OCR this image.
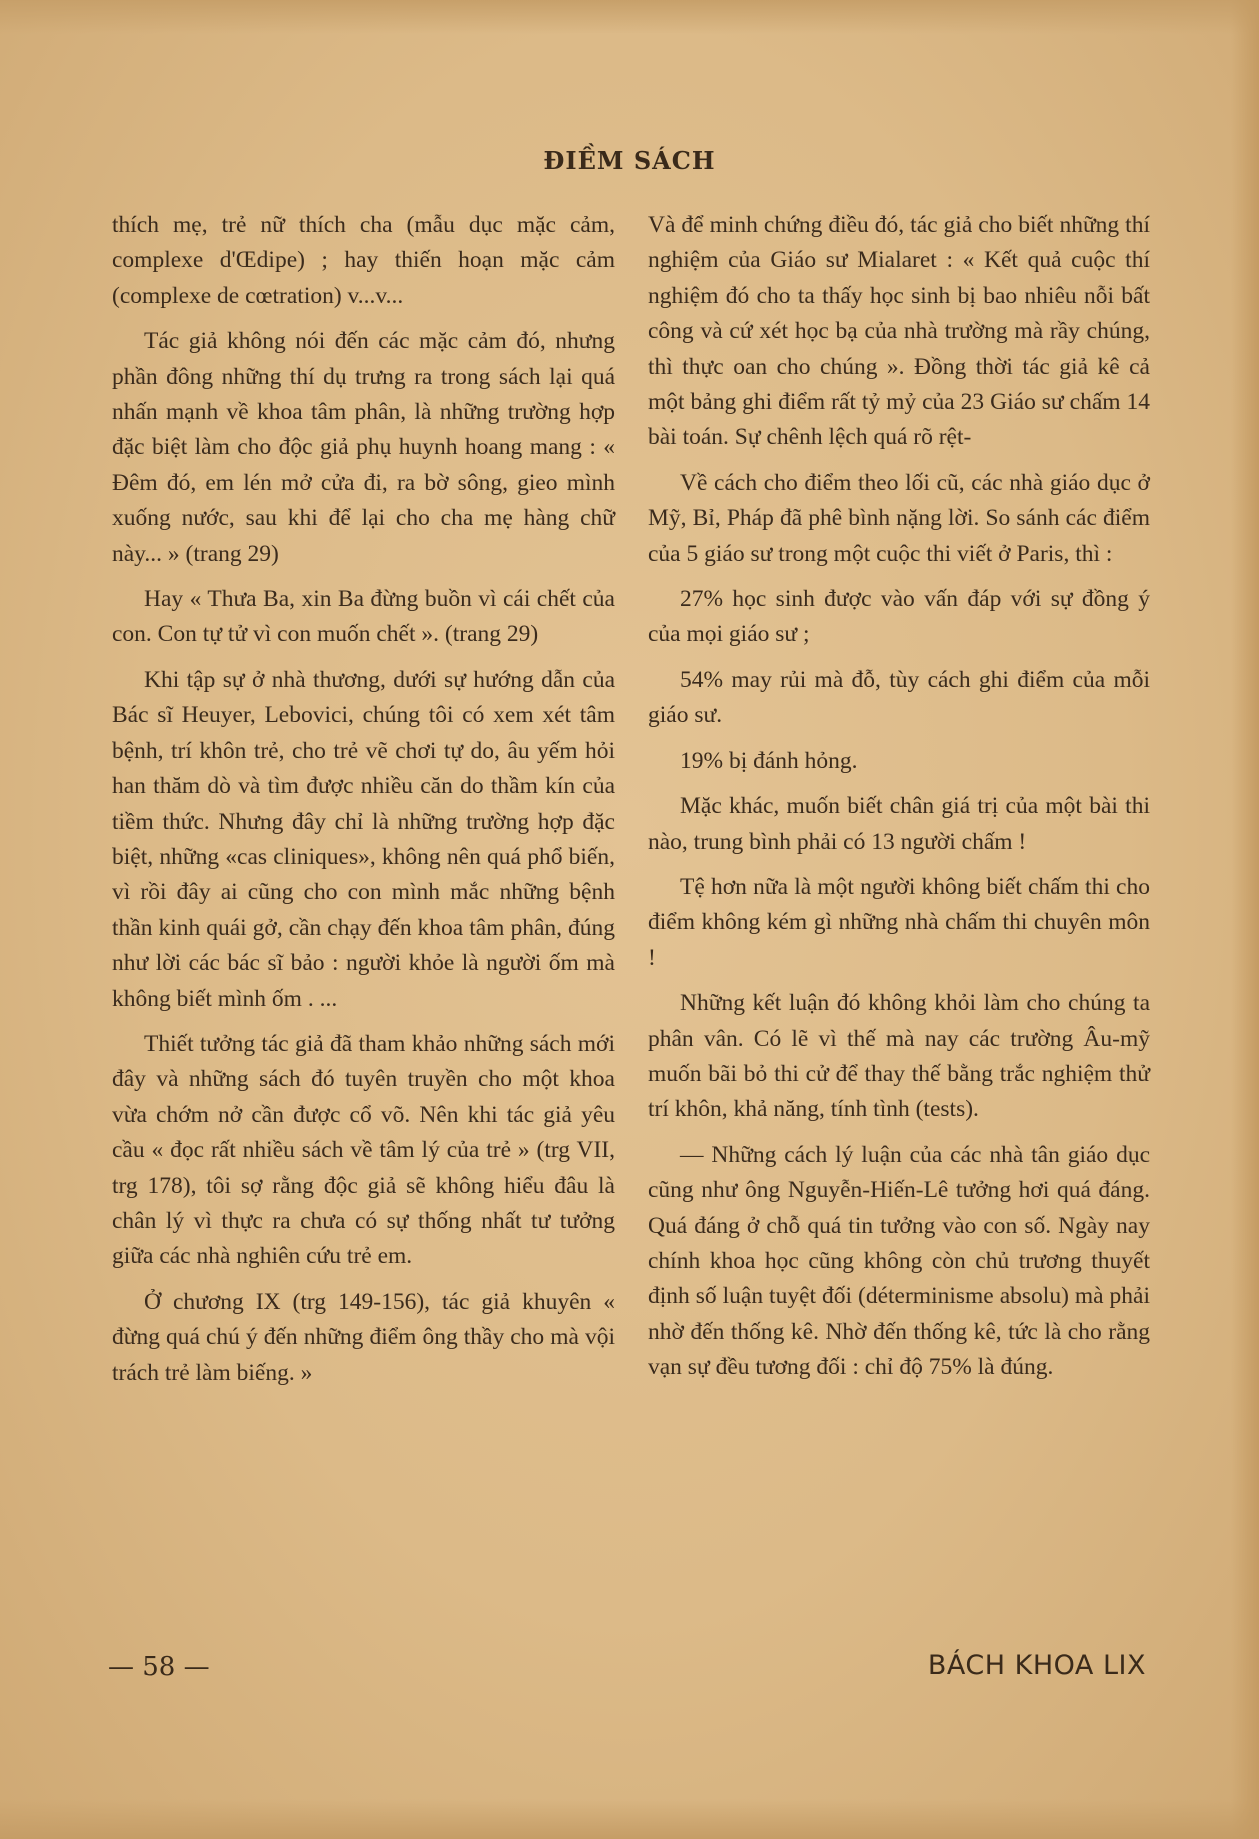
ĐIỀM SÁCH

thích mẹ, trẻ nữ thích cha (mẫu dục mặc cảm, complexe d'Œdipe) ; hay thiến hoạn mặc cảm (complexe de cœtration) v...v...

Tác giả không nói đến các mặc cảm đó, nhưng phần đông những thí dụ trưng ra trong sách lại quá nhấn mạnh về khoa tâm phân, là những trường hợp đặc biệt làm cho độc giả phụ huynh hoang mang : « Đêm đó, em lén mở cửa đi, ra bờ sông, gieo mình xuống nước, sau khi để lại cho cha mẹ hàng chữ này... » (trang 29)

Hay « Thưa Ba, xin Ba đừng buồn vì cái chết của con. Con tự tử vì con muốn chết ». (trang 29)

Khi tập sự ở nhà thương, dưới sự hướng dẫn của Bác sĩ Heuyer, Lebovici, chúng tôi có xem xét tâm bệnh, trí khôn trẻ, cho trẻ vẽ chơi tự do, âu yếm hỏi han thăm dò và tìm được nhiều căn do thầm kín của tiềm thức. Nhưng đây chỉ là những trường hợp đặc biệt, những «cas cliniques», không nên quá phổ biến, vì rồi đây ai cũng cho con mình mắc những bệnh thần kinh quái gở, cần chạy đến khoa tâm phân, đúng như lời các bác sĩ bảo : người khỏe là người ốm mà không biết mình ốm . ...

Thiết tưởng tác giả đã tham khảo những sách mới đây và những sách đó tuyên truyền cho một khoa vừa chớm nở cần được cổ võ. Nên khi tác giả yêu cầu « đọc rất nhiều sách về tâm lý của trẻ » (trg VII, trg 178), tôi sợ rằng độc giả sẽ không hiểu đâu là chân lý vì thực ra chưa có sự thống nhất tư tưởng giữa các nhà nghiên cứu trẻ em.

Ở chương IX (trg 149-156), tác giả khuyên « đừng quá chú ý đến những điểm ông thầy cho mà vội trách trẻ làm biếng. »

Và để minh chứng điều đó, tác giả cho biết những thí nghiệm của Giáo sư Mialaret : « Kết quả cuộc thí nghiệm đó cho ta thấy học sinh bị bao nhiêu nỗi bất công và cứ xét học bạ của nhà trường mà rầy chúng, thì thực oan cho chúng ». Đồng thời tác giả kê cả một bảng ghi điểm rất tỷ mỷ của 23 Giáo sư chấm 14 bài toán. Sự chênh lệch quá rõ rệt-

Về cách cho điểm theo lối cũ, các nhà giáo dục ở Mỹ, Bỉ, Pháp đã phê bình nặng lời. So sánh các điểm của 5 giáo sư trong một cuộc thi viết ở Paris, thì :

27% học sinh được vào vấn đáp với sự đồng ý của mọi giáo sư ;

54% may rủi mà đỗ, tùy cách ghi điểm của mỗi giáo sư.

19% bị đánh hỏng.

Mặc khác, muốn biết chân giá trị của một bài thi nào, trung bình phải có 13 người chấm !

Tệ hơn nữa là một người không biết chấm thi cho điểm không kém gì những nhà chấm thi chuyên môn !

Những kết luận đó không khỏi làm cho chúng ta phân vân. Có lẽ vì thế mà nay các trường Âu-mỹ muốn bãi bỏ thi cử để thay thế bằng trắc nghiệm thử trí khôn, khả năng, tính tình (tests).

— Những cách lý luận của các nhà tân giáo dục cũng như ông Nguyễn-Hiến-Lê tưởng hơi quá đáng. Quá đáng ở chỗ quá tin tưởng vào con số. Ngày nay chính khoa học cũng không còn chủ trương thuyết định số luận tuyệt đối (déterminisme absolu) mà phải nhờ đến thống kê. Nhờ đến thống kê, tức là cho rằng vạn sự đều tương đối : chỉ độ 75% là đúng.

— 58 —	BÁCH KHOA LIX
